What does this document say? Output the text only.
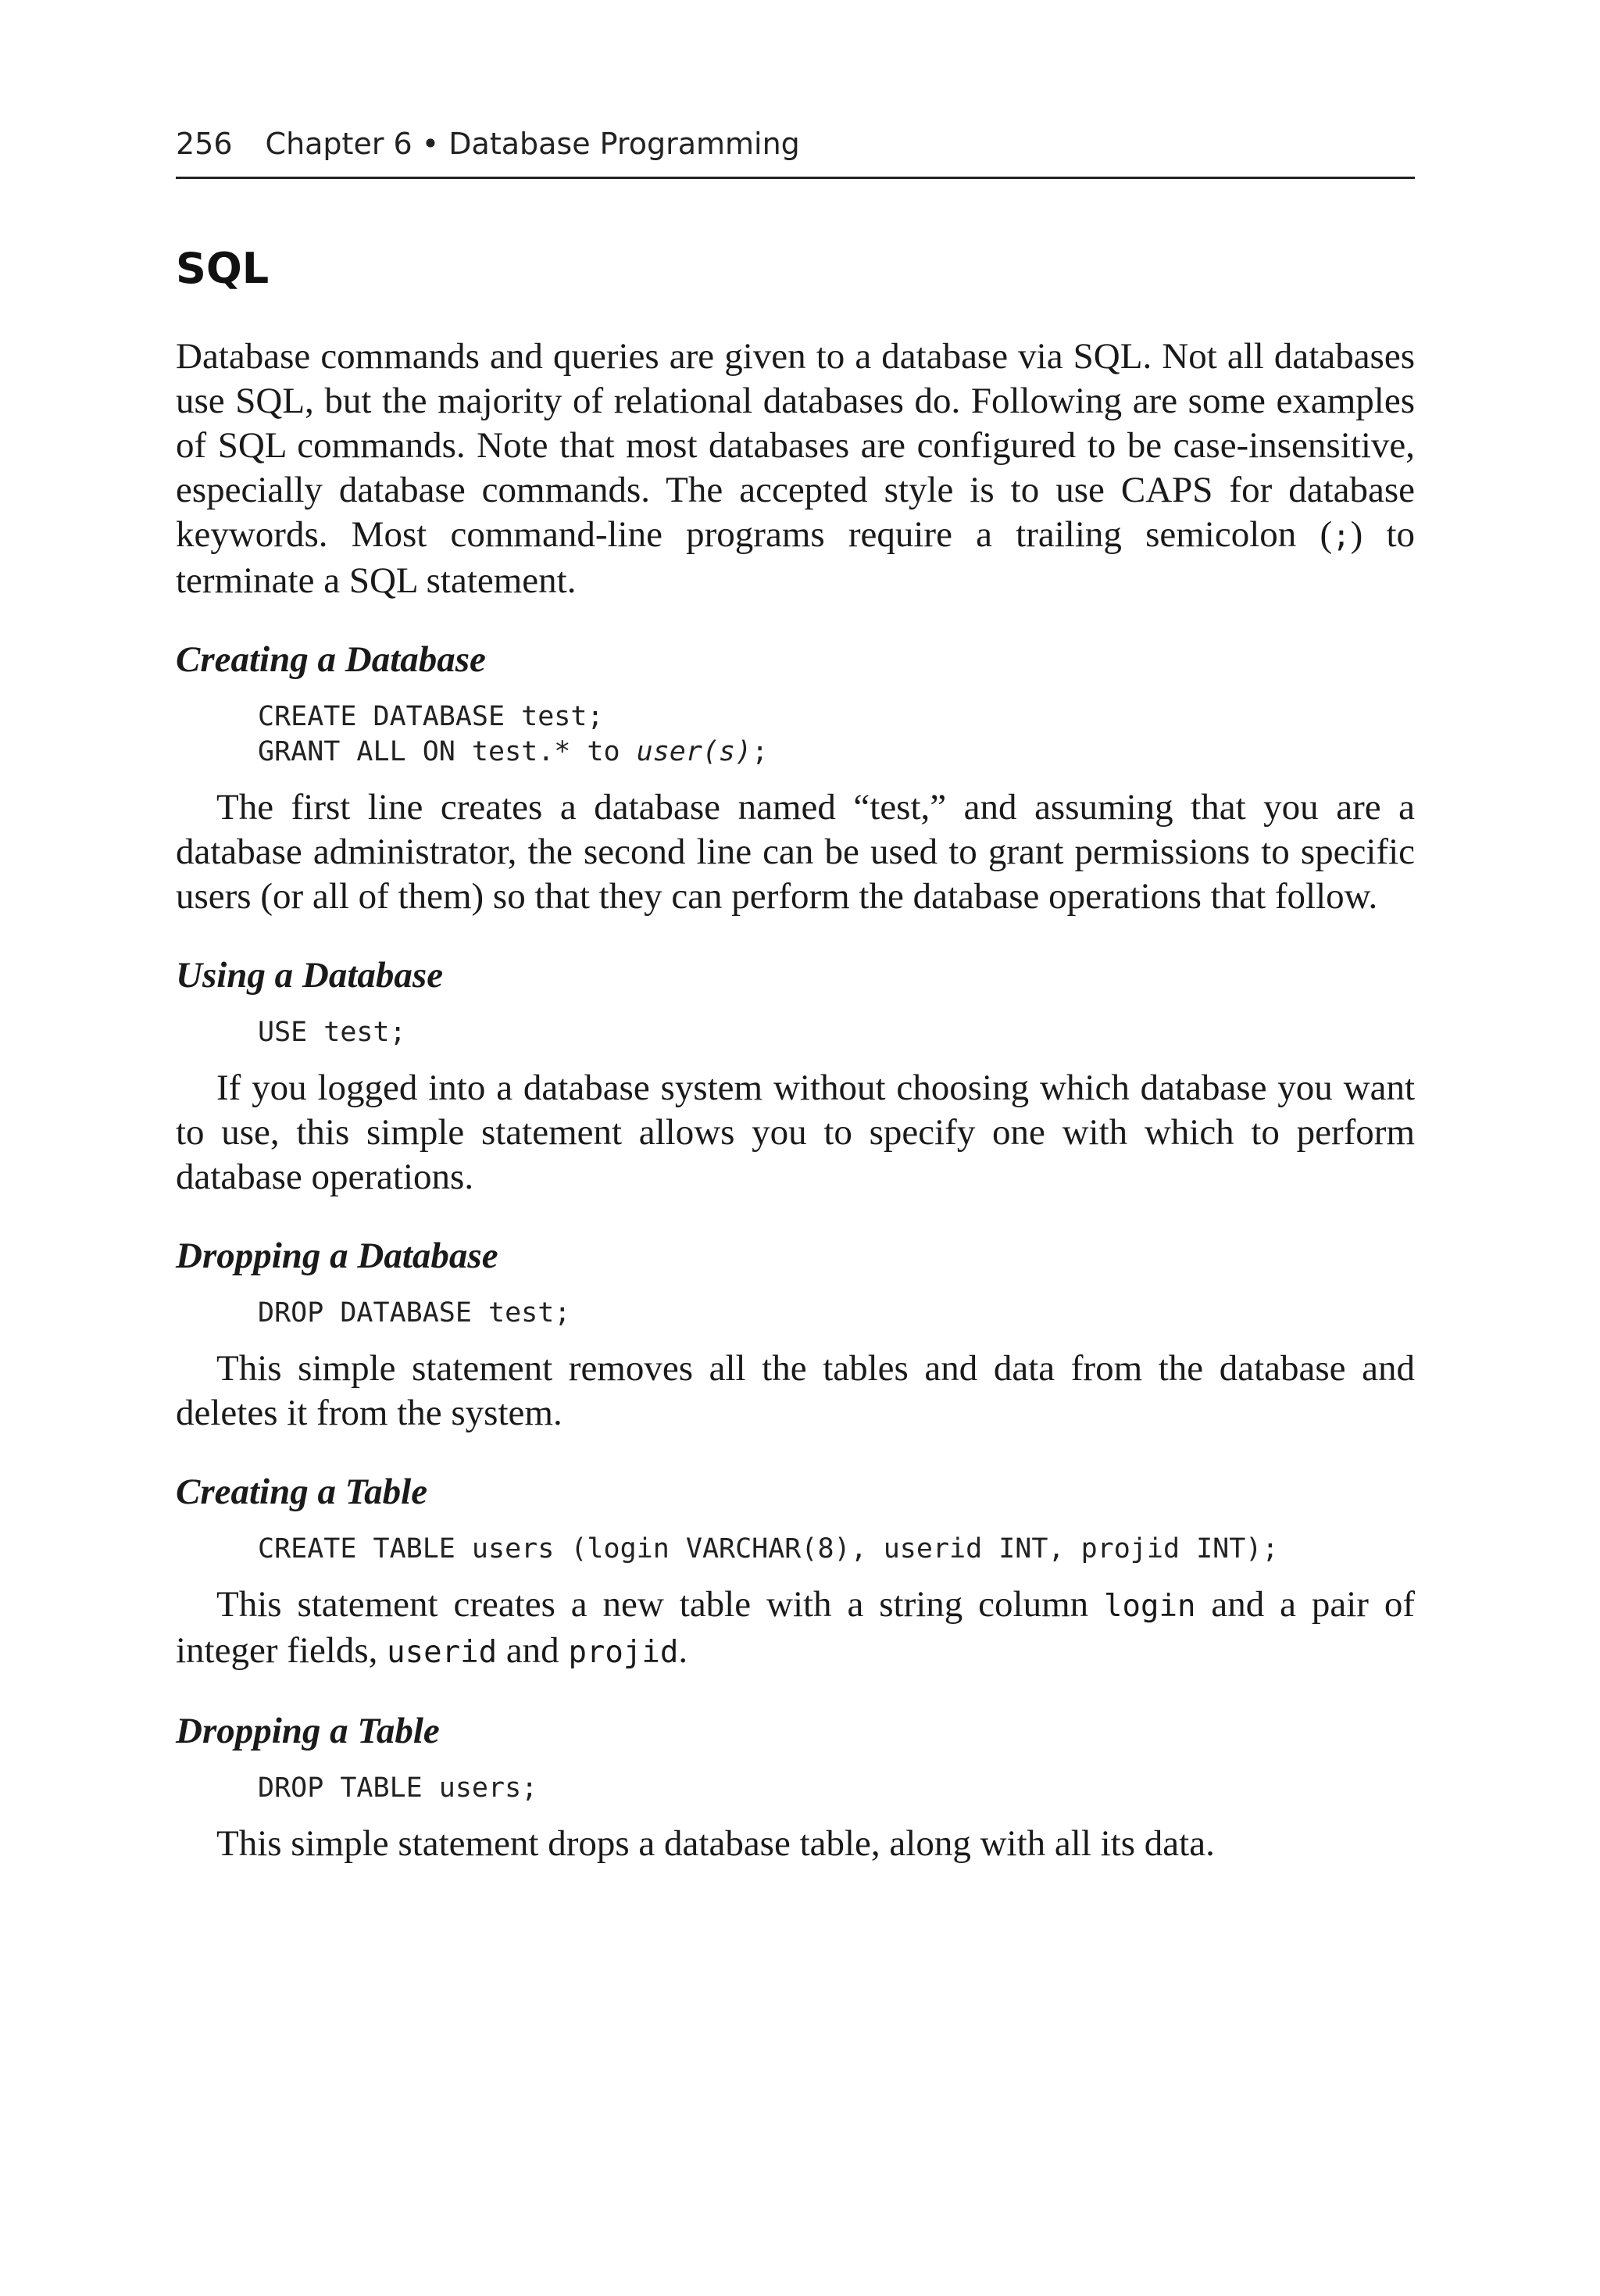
256 Chapter 6 • Database Programming
SQL

Database commands and queries are given to a database via SQL. Not all databases use SQL, but the majority of relational databases do. Following are some examples of SQL commands. Note that most databases are configured to be case-insensitive, especially database commands. The accepted style is to use CAPS for database keywords. Most command-line programs require a trailing semicolon (;) to terminate a SQL statement.

Creating a Database
CREATE DATABASE test;
GRANT ALL ON test.* to user(s);

The first line creates a database named “test,” and assuming that you are a database administrator, the second line can be used to grant permissions to specific users (or all of them) so that they can perform the database operations that follow.

Using a Database
USE test;

If you logged into a database system without choosing which database you want to use, this simple statement allows you to specify one with which to perform database operations.

Dropping a Database
DROP DATABASE test;

This simple statement removes all the tables and data from the database and deletes it from the system.

Creating a Table
CREATE TABLE users (login VARCHAR(8), userid INT, projid INT);

This statement creates a new table with a string column login and a pair of integer fields, userid and projid.

Dropping a Table
DROP TABLE users;

This simple statement drops a database table, along with all its data.
